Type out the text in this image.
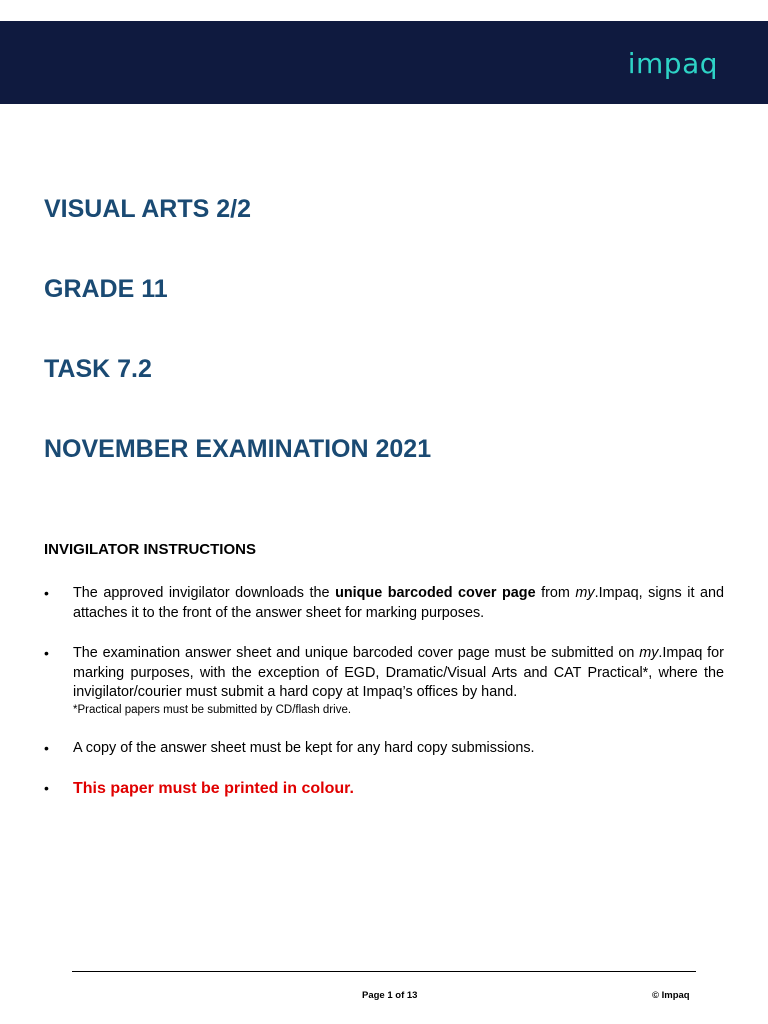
impaq
VISUAL ARTS 2/2
GRADE 11
TASK 7.2
NOVEMBER EXAMINATION 2021
INVIGILATOR INSTRUCTIONS
• The approved invigilator downloads the unique barcoded cover page from my.Impaq, signs it and attaches it to the front of the answer sheet for marking purposes.
• The examination answer sheet and unique barcoded cover page must be submitted on my.Impaq for marking purposes, with the exception of EGD, Dramatic/Visual Arts and CAT Practical*, where the invigilator/courier must submit a hard copy at Impaq’s offices by hand.
*Practical papers must be submitted by CD/flash drive.
• A copy of the answer sheet must be kept for any hard copy submissions.
• This paper must be printed in colour.
Page 1 of 13	© Impaq
